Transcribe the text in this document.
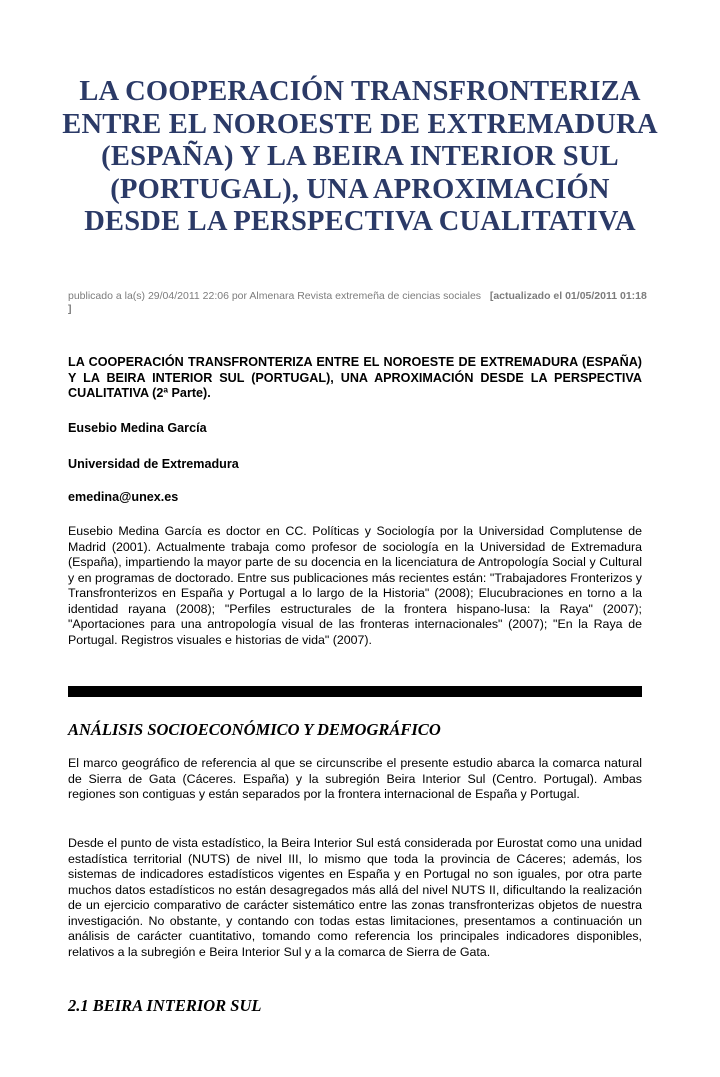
LA COOPERACIÓN TRANSFRONTERIZA ENTRE EL NOROESTE DE EXTREMADURA (ESPAÑA) Y LA BEIRA INTERIOR SUL (PORTUGAL), UNA APROXIMACIÓN DESDE LA PERSPECTIVA CUALITATIVA
publicado a la(s) 29/04/2011 22:06 por Almenara Revista extremeña de ciencias sociales [actualizado el 01/05/2011 01:18 ]

LA COOPERACIÓN TRANSFRONTERIZA ENTRE EL NOROESTE DE EXTREMADURA (ESPAÑA) Y LA BEIRA INTERIOR SUL (PORTUGAL), UNA APROXIMACIÓN DESDE LA PERSPECTIVA CUALITATIVA (2ª Parte).

Eusebio Medina García
Universidad de Extremadura
emedina@unex.es

Eusebio Medina García es doctor en CC. Políticas y Sociología por la Universidad Complutense de Madrid (2001). Actualmente trabaja como profesor de sociología en la Universidad de Extremadura (España), impartiendo la mayor parte de su docencia en la licenciatura de Antropología Social y Cultural y en programas de doctorado. Entre sus publicaciones más recientes están: "Trabajadores Fronterizos y Transfronterizos en España y Portugal a lo largo de la Historia" (2008); Elucubraciones en torno a la identidad rayana (2008); "Perfiles estructurales de la frontera hispano-lusa: la Raya" (2007); "Aportaciones para una antropología visual de las fronteras internacionales" (2007); "En la Raya de Portugal. Registros visuales e historias de vida" (2007).

ANÁLISIS SOCIOECONÓMICO Y DEMOGRÁFICO

El marco geográfico de referencia al que se circunscribe el presente estudio abarca la comarca natural de Sierra de Gata (Cáceres. España) y la subregión Beira Interior Sul (Centro. Portugal). Ambas regiones son contiguas y están separados por la frontera internacional de España y Portugal.

Desde el punto de vista estadístico, la Beira Interior Sul está considerada por Eurostat como una unidad estadística territorial (NUTS) de nivel III, lo mismo que toda la provincia de Cáceres; además, los sistemas de indicadores estadísticos vigentes en España y en Portugal no son iguales, por otra parte muchos datos estadísticos no están desagregados más allá del nivel NUTS II, dificultando la realización de un ejercicio comparativo de carácter sistemático entre las zonas transfronterizas objetos de nuestra investigación. No obstante, y contando con todas estas limitaciones, presentamos a continuación un análisis de carácter cuantitativo, tomando como referencia los principales indicadores disponibles, relativos a la subregión e Beira Interior Sul y a la comarca de Sierra de Gata.

2.1 BEIRA INTERIOR SUL
